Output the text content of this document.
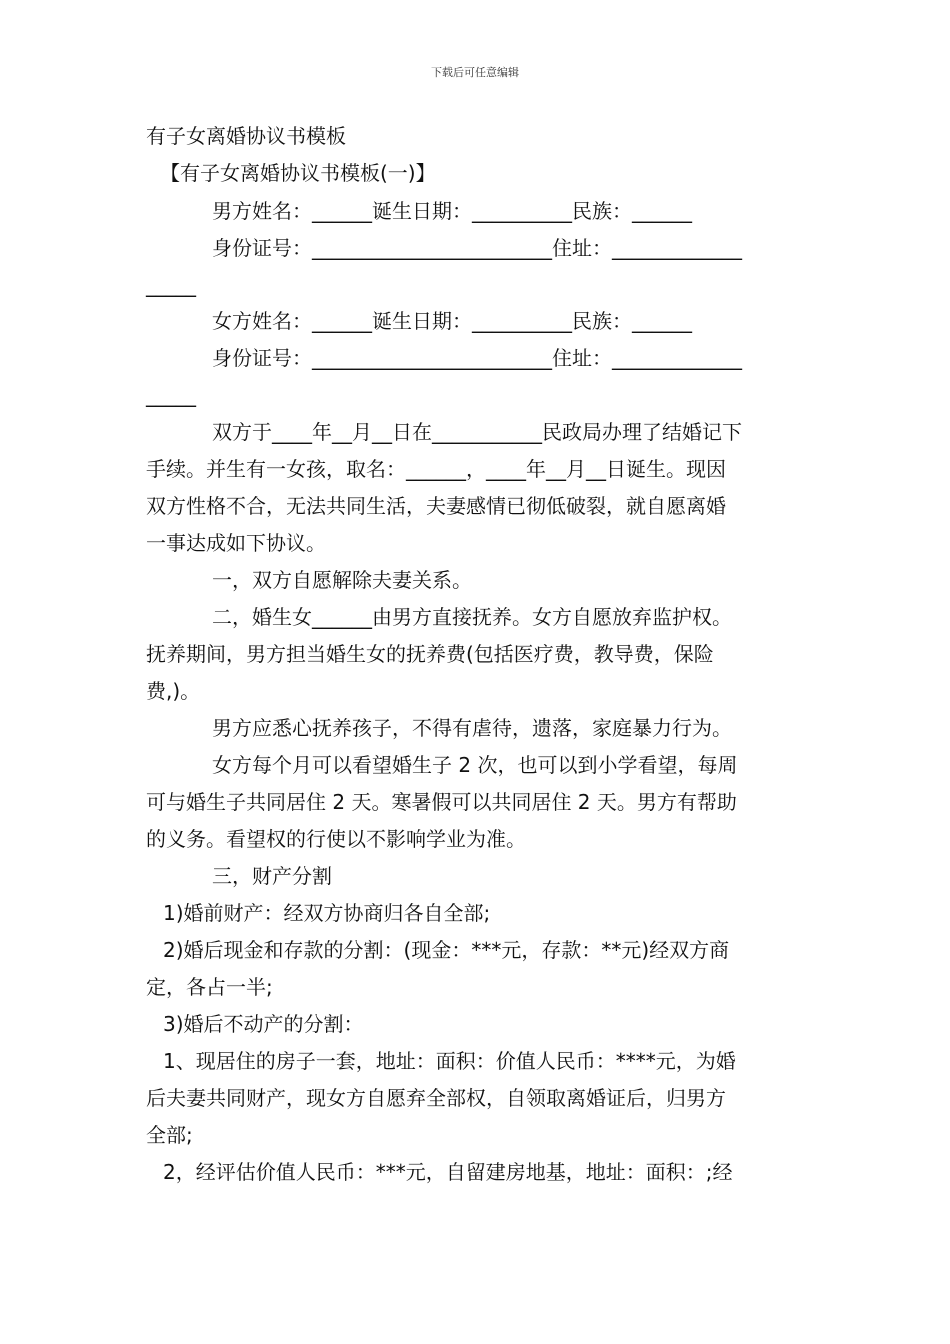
下载后可任意编辑
有子女离婚协议书模板
【有子女离婚协议书模板(一)】
男方姓名：______诞生日期：__________民族：______
身份证号：________________________住址：_____________
_____
女方姓名：______诞生日期：__________民族：______
身份证号：________________________住址：_____________
_____
双方于____年__月__日在___________民政局办理了结婚记下
手续。并生有一女孩，取名：______，____年__月__日诞生。现因
双方性格不合，无法共同生活，夫妻感情已彻低破裂，就自愿离婚
一事达成如下协议。
一，双方自愿解除夫妻关系。
二，婚生女______由男方直接抚养。女方自愿放弃监护权。
抚养期间，男方担当婚生女的抚养费(包括医疗费，教导费，保险
费,)。
男方应悉心抚养孩子，不得有虐待，遗落，家庭暴力行为。
女方每个月可以看望婚生子 2 次，也可以到小学看望，每周
可与婚生子共同居住 2 天。寒暑假可以共同居住 2 天。男方有帮助
的义务。看望权的行使以不影响学业为准。
三，财产分割
1)婚前财产：经双方协商归各自全部;
2)婚后现金和存款的分割：(现金：***元，存款：**元)经双方商
定，各占一半;
3)婚后不动产的分割：
1、现居住的房子一套，地址：面积：价值人民币：****元，为婚
后夫妻共同财产，现女方自愿弃全部权，自领取离婚证后，归男方
全部;
2，经评估价值人民币：***元，自留建房地基，地址：面积：;经
